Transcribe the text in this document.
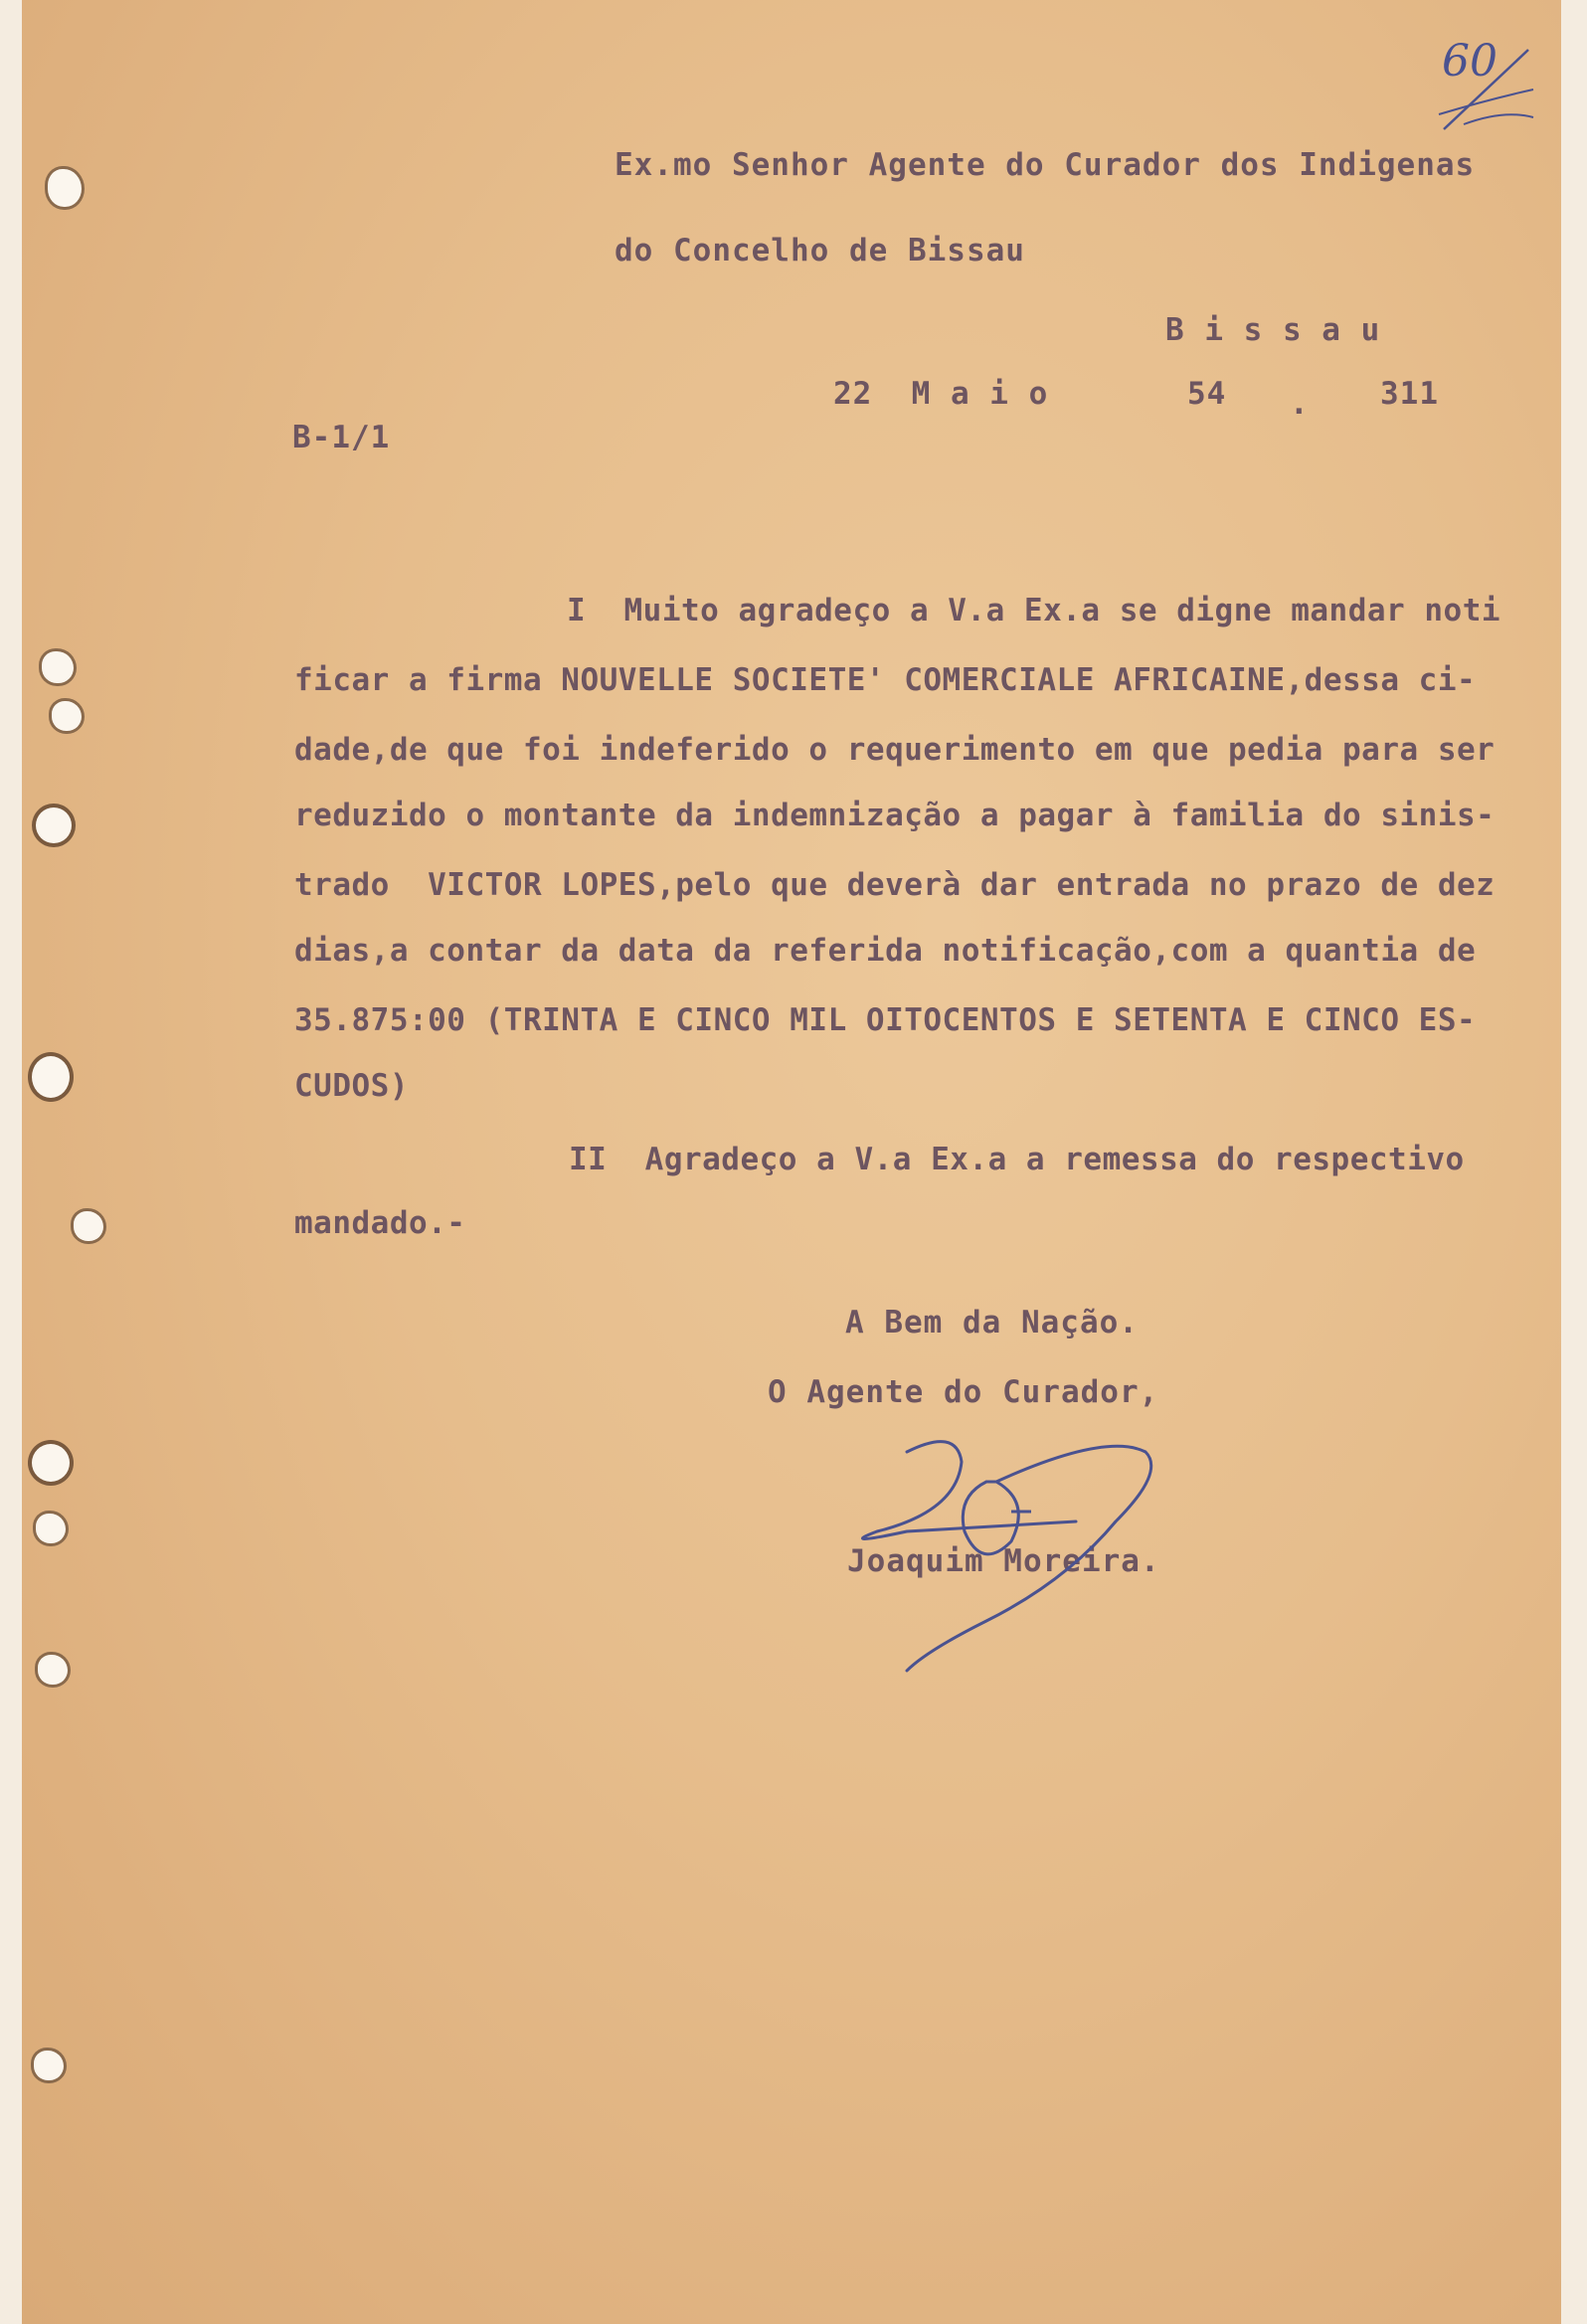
60

Ex.mo Senhor Agente do Curador dos Indigenas

do Concelho de Bissau

B i s s a u

22  M a i o	54 . 311

B-1/1

I  Muito agradeço a V.a Ex.a se digne mandar noti

ficar a firma NOUVELLE SOCIETE' COMERCIALE AFRICAINE,dessa ci-

dade,de que foi indeferido o requerimento em que pedia para ser

reduzido o montante da indemnização a pagar à familia do sinis-

trado  VICTOR LOPES,pelo que deverà dar entrada no prazo de dez

dias,a contar da data da referida notificação,com a quantia de

35.875:00 (TRINTA E CINCO MIL OITOCENTOS E SETENTA E CINCO ES-

CUDOS)

II  Agradeço a V.a Ex.a a remessa do respectivo

mandado.-

A Bem da Nação.

O Agente do Curador,

Joaquim Moreira.
